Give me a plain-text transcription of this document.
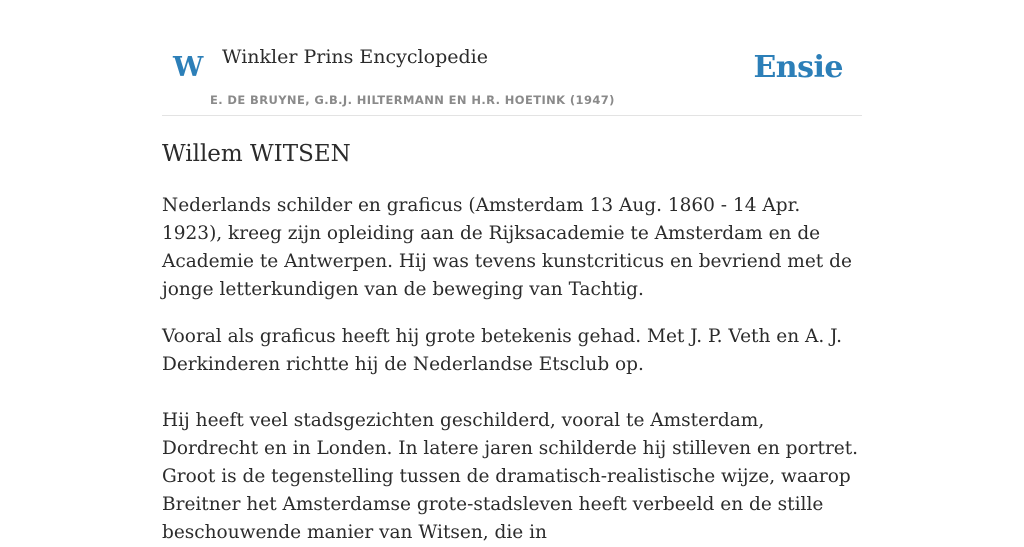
W Winkler Prins Encyclopedie
E. DE BRUYNE, G.B.J. HILTERMANN EN H.R. HOETINK (1947)
Ensie
Willem WITSEN

Nederlands schilder en graficus (Amsterdam 13 Aug. 1860 - 14 Apr. 1923), kreeg zijn opleiding aan de Rijksacademie te Amsterdam en de Academie te Antwerpen. Hij was tevens kunstcriticus en bevriend met de jonge letterkundigen van de beweging van Tachtig.

Vooral als graficus heeft hij grote betekenis gehad. Met J. P. Veth en A. J. Derkinderen richtte hij de Nederlandse Etsclub op.

Hij heeft veel stadsgezichten geschilderd, vooral te Amsterdam, Dordrecht en in Londen. In latere jaren schilderde hij stilleven en portret. Groot is de tegenstelling tussen de dramatisch-realistische wijze, waarop Breitner het Amsterdamse grote-stadsleven heeft verbeeld en de stille beschouwende manier van Witsen, die in
